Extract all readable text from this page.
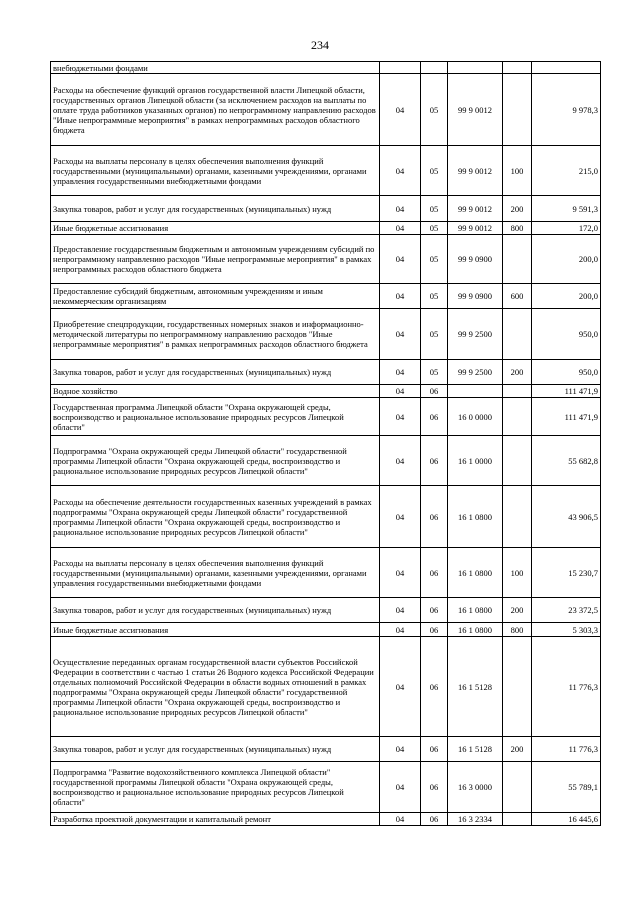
234
внебюджетными фондами					
Расходы на обеспечение функций органов государственной власти Липецкой области, государственных органов Липецкой области (за исключением расходов на выплаты по оплате труда работников указанных органов) по непрограммному направлению расходов "Иные непрограммные мероприятия" в рамках непрограммных расходов областного бюджета	04	05	99 9 0012		9 978,3
Расходы на выплаты персоналу в целях обеспечения выполнения функций государственными (муниципальными) органами, казенными учреждениями, органами управления государственными внебюджетными фондами	04	05	99 9 0012	100	215,0
Закупка товаров, работ и услуг для государственных (муниципальных) нужд	04	05	99 9 0012	200	9 591,3
Иные бюджетные ассигнования	04	05	99 9 0012	800	172,0
Предоставление государственным бюджетным и автономным учреждениям субсидий по непрограммному направлению расходов "Иные непрограммные мероприятия" в рамках непрограммных расходов областного бюджета	04	05	99 9 0900		200,0
Предоставление субсидий бюджетным, автономным учреждениям и иным некоммерческим организациям	04	05	99 9 0900	600	200,0
Приобретение спецпродукции, государственных номерных знаков и информационно-методической литературы по непрограммному направлению расходов "Иные непрограммные мероприятия" в рамках непрограммных расходов областного бюджета	04	05	99 9 2500		950,0
Закупка товаров, работ и услуг для государственных (муниципальных) нужд	04	05	99 9 2500	200	950,0
Водное хозяйство	04	06			111 471,9
Государственная программа Липецкой области "Охрана окружающей среды, воспроизводство и рациональное использование природных ресурсов Липецкой области"	04	06	16 0 0000		111 471,9
Подпрограмма "Охрана окружающей среды Липецкой области" государственной программы Липецкой области "Охрана окружающей среды, воспроизводство и рациональное использование природных ресурсов Липецкой области"	04	06	16 1 0000		55 682,8
Расходы на обеспечение деятельности государственных казенных учреждений в рамках подпрограммы "Охрана окружающей среды Липецкой области" государственной программы Липецкой области "Охрана окружающей среды, воспроизводство и рациональное использование природных ресурсов Липецкой области"	04	06	16 1 0800		43 906,5
Расходы на выплаты персоналу в целях обеспечения выполнения функций государственными (муниципальными) органами, казенными учреждениями, органами управления государственными внебюджетными фондами	04	06	16 1 0800	100	15 230,7
Закупка товаров, работ и услуг для государственных (муниципальных) нужд	04	06	16 1 0800	200	23 372,5
Иные бюджетные ассигнования	04	06	16 1 0800	800	5 303,3
Осуществление переданных органам государственной власти субъектов Российской Федерации в соответствии с частью 1 статьи 26 Водного кодекса Российской Федерации отдельных полномочий Российской Федерации в области водных отношений в рамках подпрограммы "Охрана окружающей среды Липецкой области" государственной программы Липецкой области "Охрана окружающей среды, воспроизводство и рациональное использование природных ресурсов Липецкой области"	04	06	16 1 5128		11 776,3
Закупка товаров, работ и услуг для государственных (муниципальных) нужд	04	06	16 1 5128	200	11 776,3
Подпрограмма "Развитие водохозяйственного комплекса Липецкой области" государственной программы Липецкой области "Охрана окружающей среды, воспроизводство и рациональное использование природных ресурсов Липецкой области"	04	06	16 3 0000		55 789,1
Разработка проектной документации и капитальный ремонт	04	06	16 3 2334		16 445,6
